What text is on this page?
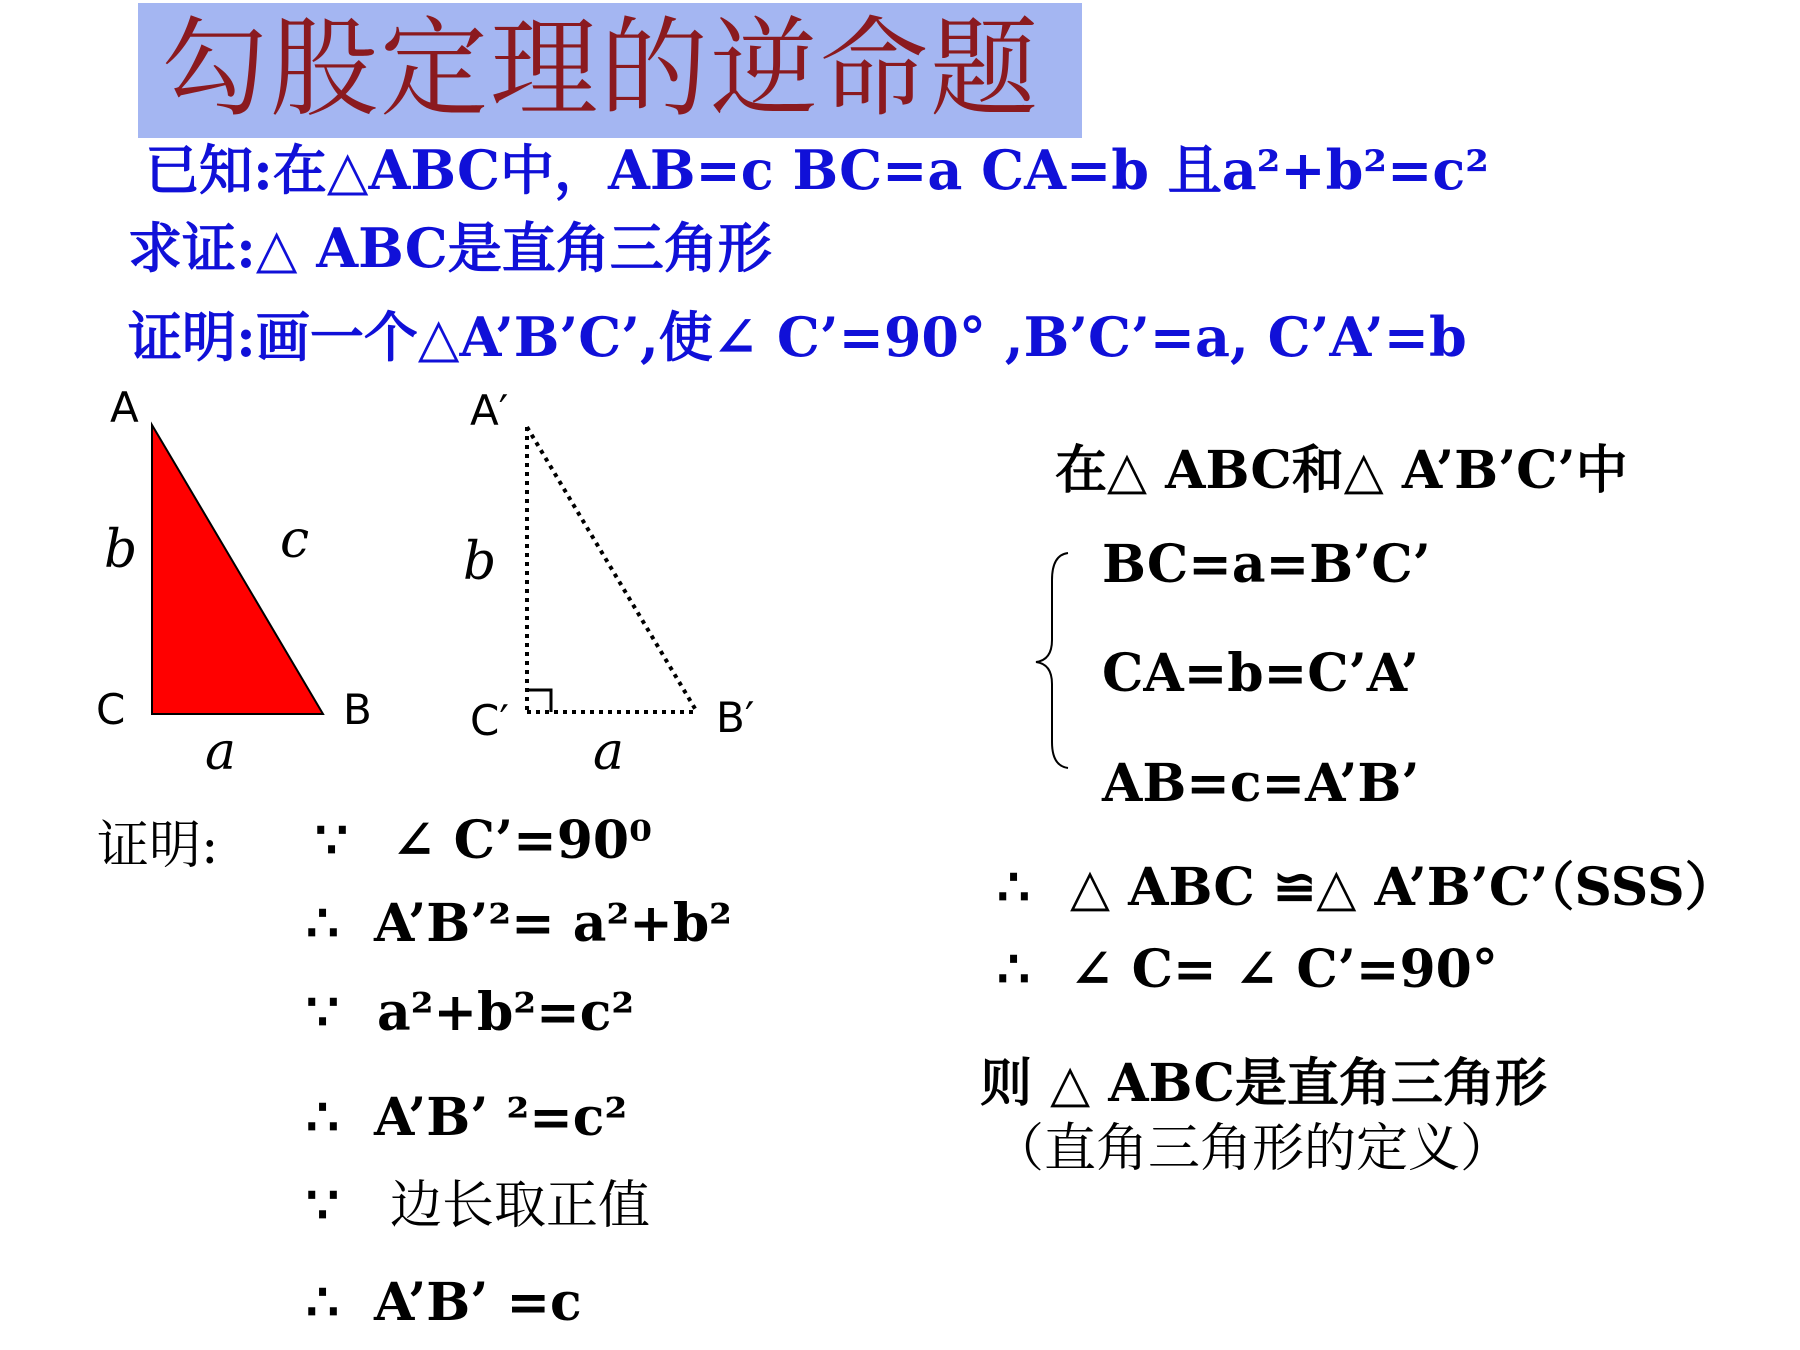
勾股定理的逆命题
已知:在△ABC中，AB=c BC=a CA=b 且a²+b²=c²
求证:△ ABC是直角三角形
证明:画一个△A’B’C’,使∠ C’=90° ,B’C’=a, C’A’=b
A
C	B
b	c
a
A′
C′	B′
b
a
证明: ∵ ∠ C’=90⁰
∴ A’B’²= a²+b²
∵ a²+b²=c²
∴ A’B’ ²=c²
∵ 边长取正值
∴ A’B’ =c
在△ ABC和△ A’B’C’中
BC=a=B’C’
CA=b=C’A’
AB=c=A’B’
∴ △ ABC ≌△ A’B’C’（SSS）
∴ ∠ C= ∠ C’=90°
则 △ ABC是直角三角形
（直角三角形的定义）
